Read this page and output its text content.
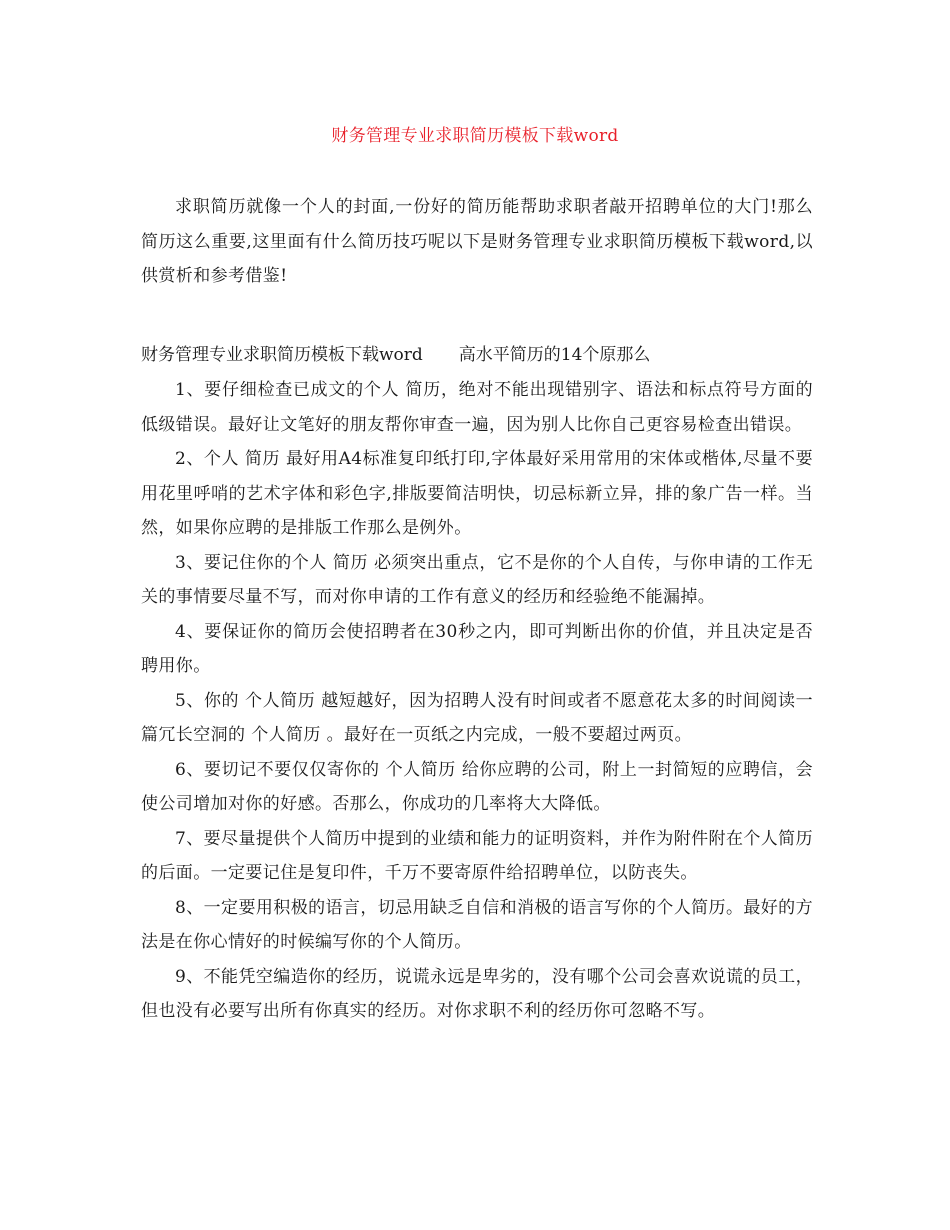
财务管理专业求职简历模板下载word

求职简历就像一个人的封面,一份好的简历能帮助求职者敲开招聘单位的大门!那么简历这么重要,这里面有什么简历技巧呢以下是财务管理专业求职简历模板下载word,以供赏析和参考借鉴!

财务管理专业求职简历模板下载word 高水平简历的14个原那么

1、要仔细检查已成文的个人 简历，绝对不能出现错别字、语法和标点符号方面的低级错误。最好让文笔好的朋友帮你审查一遍，因为别人比你自己更容易检查出错误。

2、个人 简历 最好用A4标准复印纸打印,字体最好采用常用的宋体或楷体,尽量不要用花里呼哨的艺术字体和彩色字,排版要简洁明快，切忌标新立异，排的象广告一样。当然，如果你应聘的是排版工作那么是例外。

3、要记住你的个人 简历 必须突出重点，它不是你的个人自传，与你申请的工作无关的事情要尽量不写，而对你申请的工作有意义的经历和经验绝不能漏掉。

4、要保证你的简历会使招聘者在30秒之内，即可判断出你的价值，并且决定是否聘用你。

5、你的 个人简历 越短越好，因为招聘人没有时间或者不愿意花太多的时间阅读一篇冗长空洞的 个人简历 。最好在一页纸之内完成，一般不要超过两页。

6、要切记不要仅仅寄你的 个人简历 给你应聘的公司，附上一封简短的应聘信，会使公司增加对你的好感。否那么，你成功的几率将大大降低。

7、要尽量提供个人简历中提到的业绩和能力的证明资料，并作为附件附在个人简历的后面。一定要记住是复印件，千万不要寄原件给招聘单位，以防丧失。

8、一定要用积极的语言，切忌用缺乏自信和消极的语言写你的个人简历。最好的方法是在你心情好的时候编写你的个人简历。

9、不能凭空编造你的经历，说谎永远是卑劣的，没有哪个公司会喜欢说谎的员工，但也没有必要写出所有你真实的经历。对你求职不利的经历你可忽略不写。
